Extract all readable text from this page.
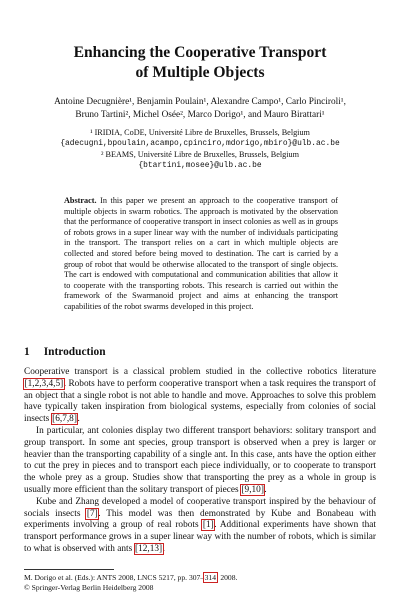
Enhancing the Cooperative Transport
of Multiple Objects
Antoine Decugnière¹, Benjamin Poulain¹, Alexandre Campo¹, Carlo Pinciroli¹,
Bruno Tartini², Michel Osée², Marco Dorigo¹, and Mauro Birattari¹
¹ IRIDIA, CoDE, Université Libre de Bruxelles, Brussels, Belgium
{adecugni,bpoulain,acampo,cpinciro,mdorigo,mbiro}@ulb.ac.be
² BEAMS, Université Libre de Bruxelles, Brussels, Belgium
{btartini,mosee}@ulb.ac.be
Abstract. In this paper we present an approach to the cooperative transport of multiple objects in swarm robotics. The approach is motivated by the observation that the performance of cooperative transport in insect colonies as well as in groups of robots grows in a super linear way with the number of individuals participating in the transport. The transport relies on a cart in which multiple objects are collected and stored before being moved to destination. The cart is carried by a group of robot that would be otherwise allocated to the transport of single objects. The cart is endowed with computational and communication abilities that allow it to cooperate with the transporting robots. This research is carried out within the framework of the Swarmanoid project and aims at enhancing the transport capabilities of the robot swarms developed in this project.
1 Introduction

Cooperative transport is a classical problem studied in the collective robotics literature [1,2,3,4,5]. Robots have to perform cooperative transport when a task requires the transport of an object that a single robot is not able to handle and move. Approaches to solve this problem have typically taken inspiration from biological systems, especially from colonies of social insects [6,7,8].

In particular, ant colonies display two different transport behaviors: solitary transport and group transport. In some ant species, group transport is observed when a prey is larger or heavier than the transporting capability of a single ant. In this case, ants have the option either to cut the prey in pieces and to transport each piece individually, or to cooperate to transport the whole prey as a group. Studies show that transporting the prey as a whole in group is usually more efficient than the solitary transport of pieces [9,10].

Kube and Zhang developed a model of cooperative transport inspired by the behaviour of socials insects [7]. This model was then demonstrated by Kube and Bonabeau with experiments involving a group of real robots [1]. Additional experiments have shown that transport performance grows in a super linear way with the number of robots, which is similar to what is observed with ants [12,13].

M. Dorigo et al. (Eds.): ANTS 2008, LNCS 5217, pp. 307–314, 2008.
© Springer-Verlag Berlin Heidelberg 2008
